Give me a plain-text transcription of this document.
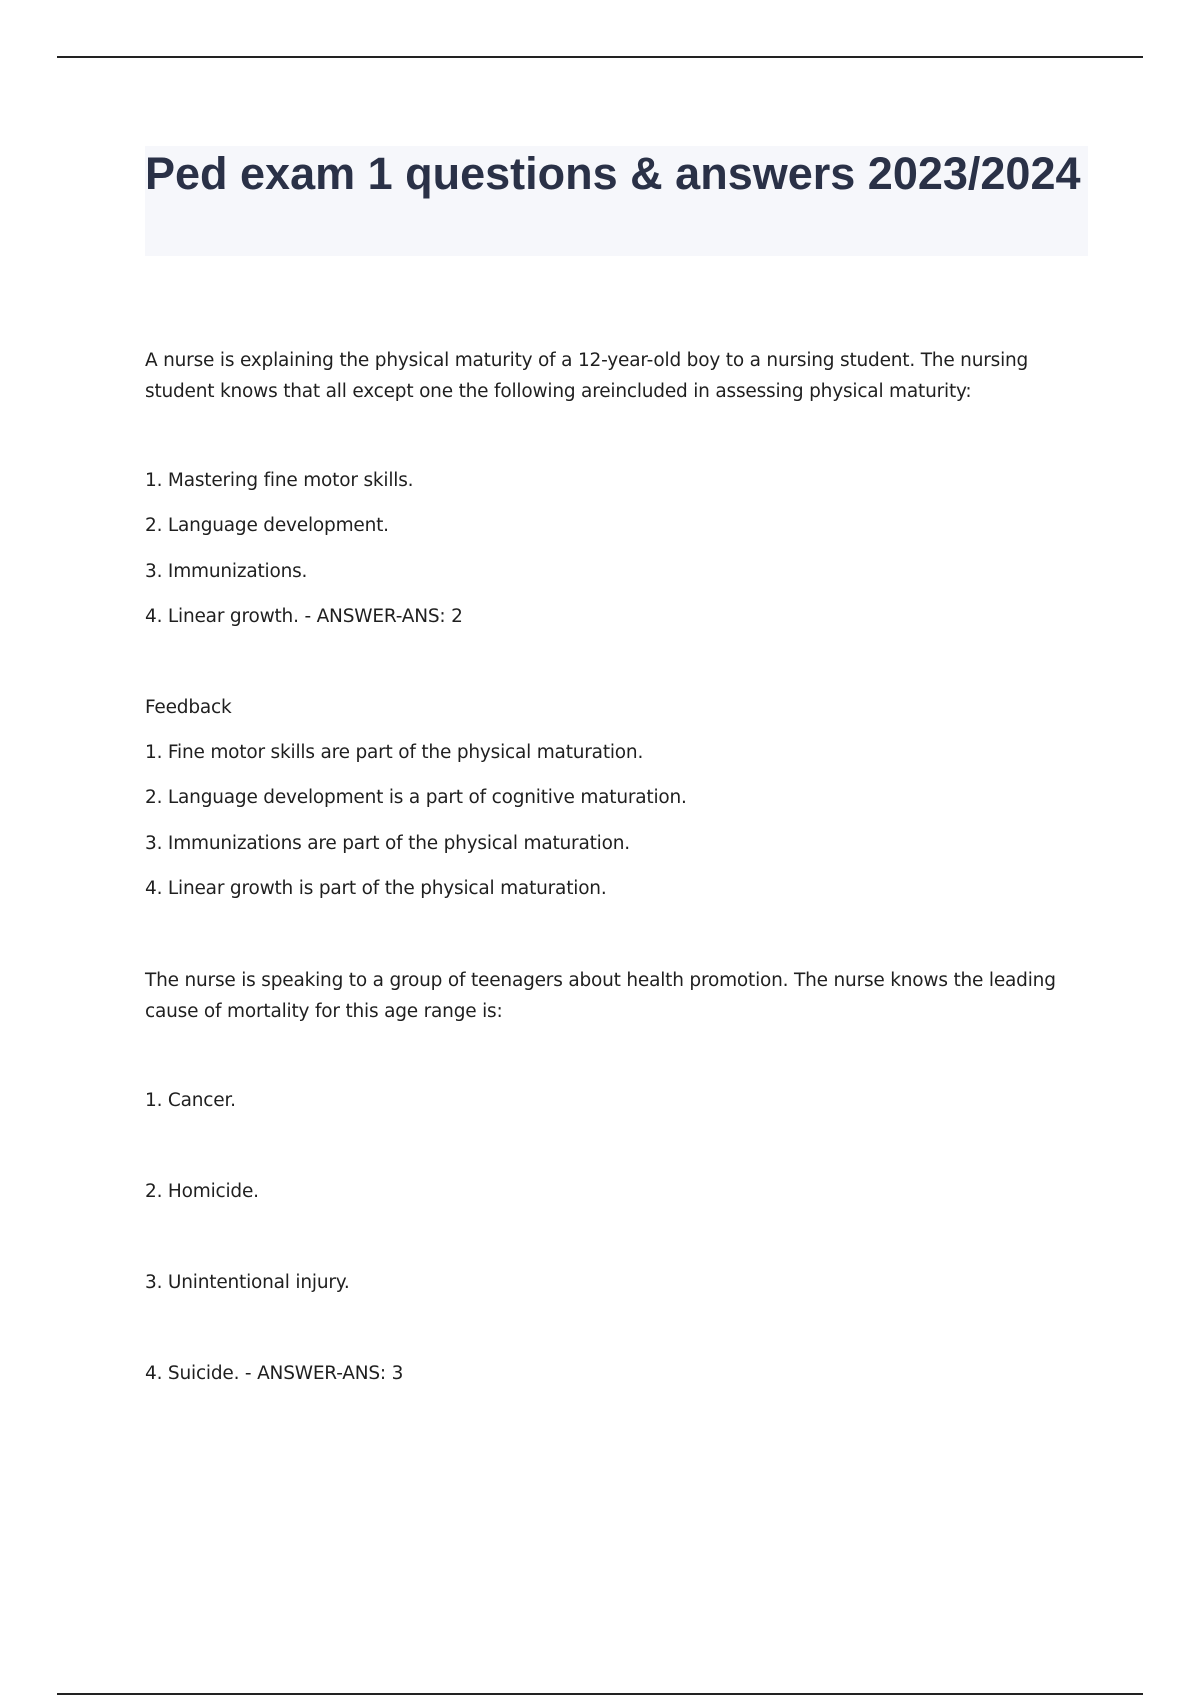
Ped exam 1 questions & answers 2023/2024

A nurse is explaining the physical maturity of a 12-year-old boy to a nursing student. The nursing student knows that all except one the following areincluded in assessing physical maturity:

1. Mastering fine motor skills.

2. Language development.

3. Immunizations.

4. Linear growth. - ANSWER-ANS: 2

Feedback

1. Fine motor skills are part of the physical maturation.

2. Language development is a part of cognitive maturation.

3. Immunizations are part of the physical maturation.

4. Linear growth is part of the physical maturation.

The nurse is speaking to a group of teenagers about health promotion. The nurse knows the leading cause of mortality for this age range is:

1. Cancer.

2. Homicide.

3. Unintentional injury.

4. Suicide. - ANSWER-ANS: 3
